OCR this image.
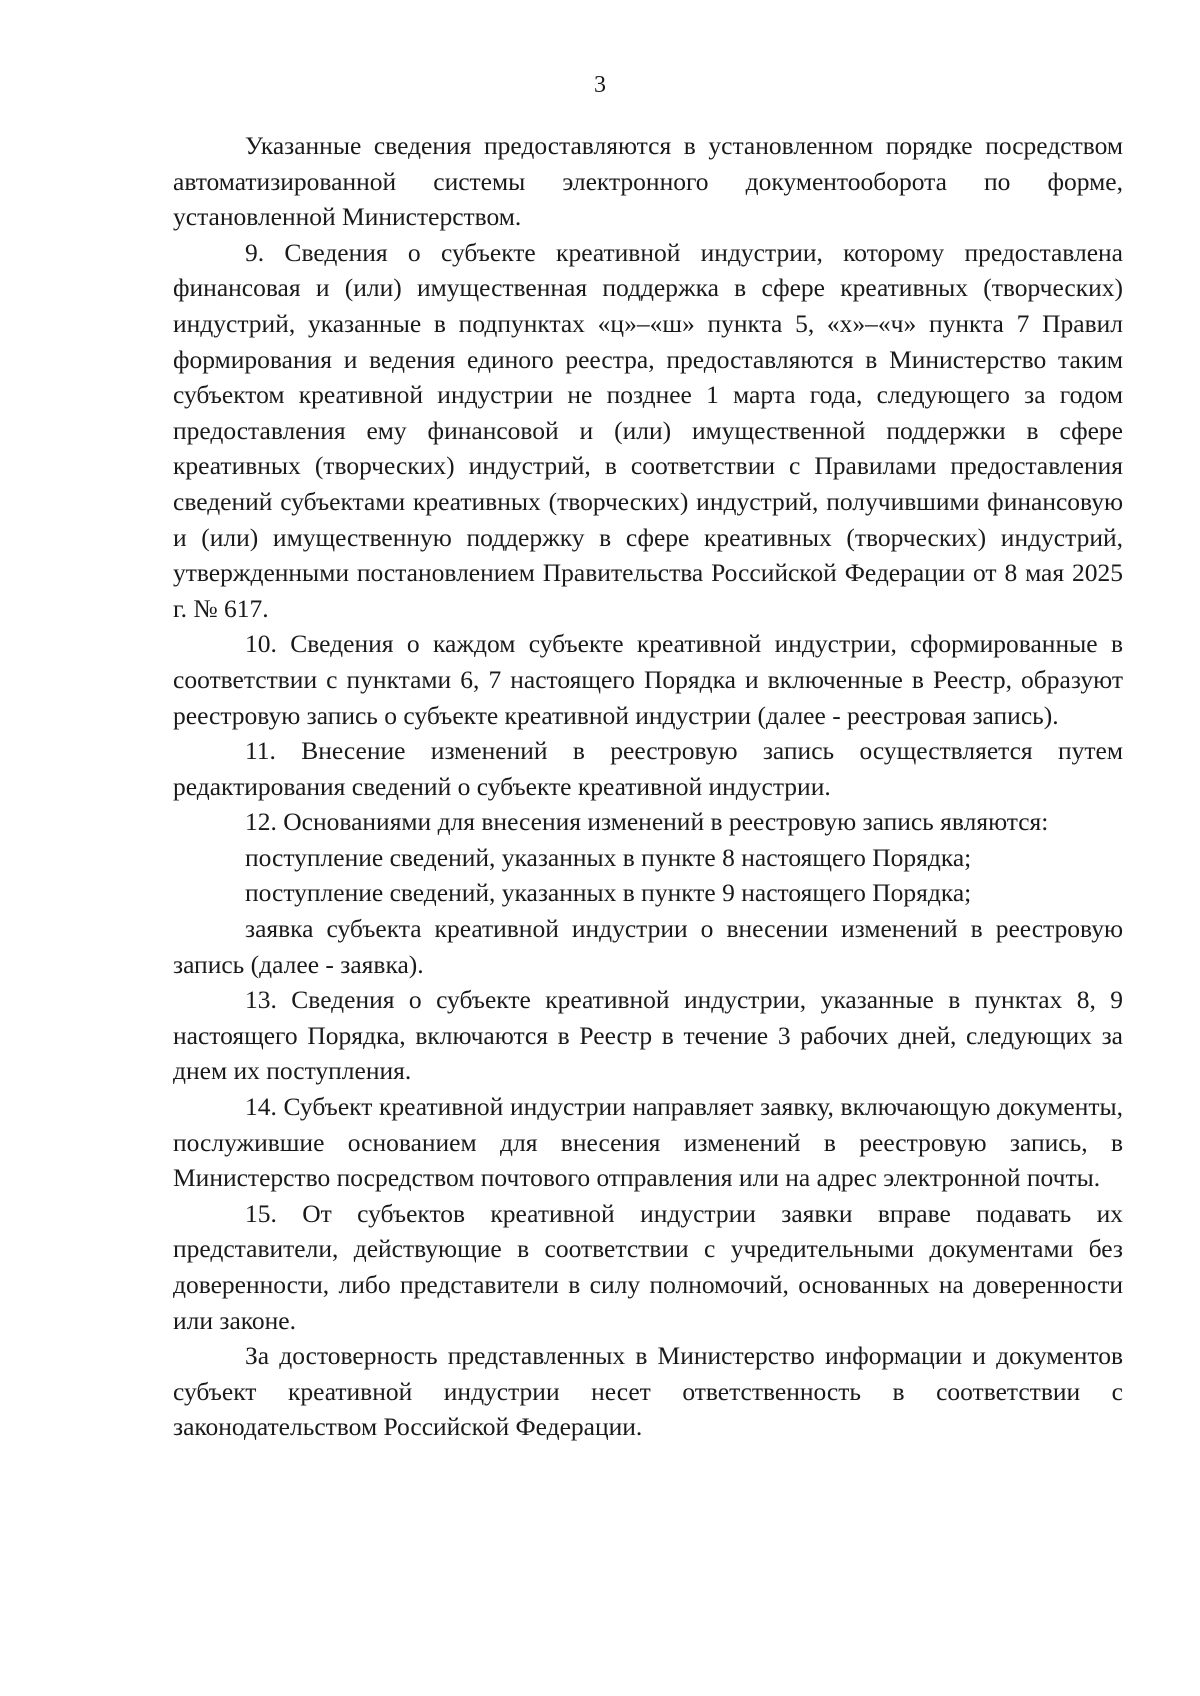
3

Указанные сведения предоставляются в установленном порядке посредством автоматизированной системы электронного документооборота по форме, установленной Министерством.

9. Сведения о субъекте креативной индустрии, которому предоставлена финансовая и (или) имущественная поддержка в сфере креативных (творческих) индустрий, указанные в подпунктах «ц»–«ш» пункта 5, «х»–«ч» пункта 7 Правил формирования и ведения единого реестра, предоставляются в Министерство таким субъектом креативной индустрии не позднее 1 марта года, следующего за годом предоставления ему финансовой и (или) имущественной поддержки в сфере креативных (творческих) индустрий, в соответствии с Правилами предоставления сведений субъектами креативных (творческих) индустрий, получившими финансовую и (или) имущественную поддержку в сфере креативных (творческих) индустрий, утвержденными постановлением Правительства Российской Федерации от 8 мая 2025 г. № 617.

10. Сведения о каждом субъекте креативной индустрии, сформированные в соответствии с пунктами 6, 7 настоящего Порядка и включенные в Реестр, образуют реестровую запись о субъекте креативной индустрии (далее - реестровая запись).

11. Внесение изменений в реестровую запись осуществляется путем редактирования сведений о субъекте креативной индустрии.

12. Основаниями для внесения изменений в реестровую запись являются:

поступление сведений, указанных в пункте 8 настоящего Порядка;

поступление сведений, указанных в пункте 9 настоящего Порядка;

заявка субъекта креативной индустрии о внесении изменений в реестровую запись (далее - заявка).

13. Сведения о субъекте креативной индустрии, указанные в пунктах 8, 9 настоящего Порядка, включаются в Реестр в течение 3 рабочих дней, следующих за днем их поступления.

14. Субъект креативной индустрии направляет заявку, включающую документы, послужившие основанием для внесения изменений в реестровую запись, в Министерство посредством почтового отправления или на адрес электронной почты.

15. От субъектов креативной индустрии заявки вправе подавать их представители, действующие в соответствии с учредительными документами без доверенности, либо представители в силу полномочий, основанных на доверенности или законе.

За достоверность представленных в Министерство информации и документов субъект креативной индустрии несет ответственность в соответствии с законодательством Российской Федерации.
